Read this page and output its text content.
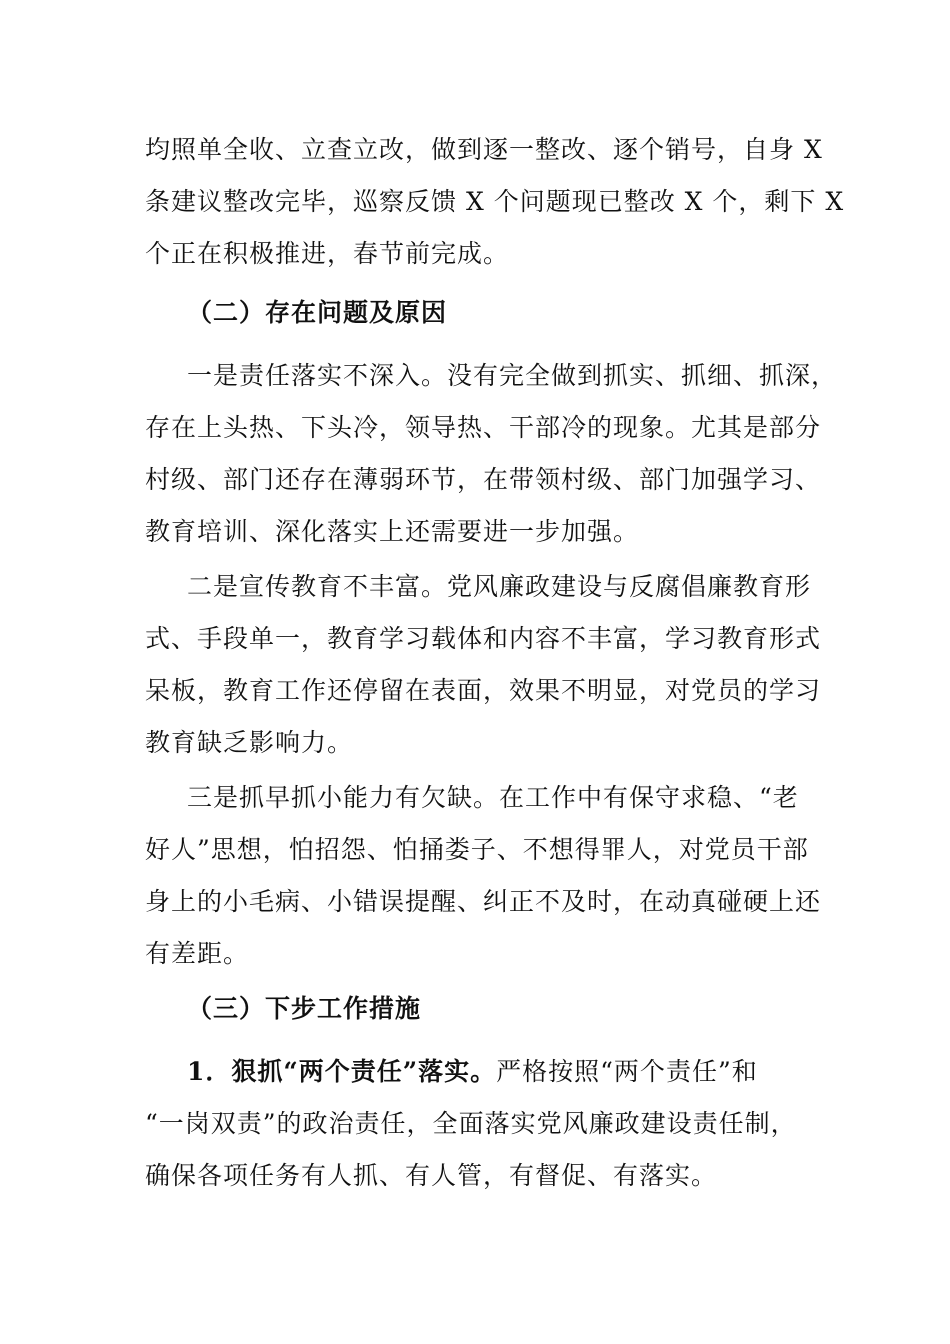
均照单全收、立查立改，做到逐一整改、逐个销号，自身 X
条建议整改完毕，巡察反馈 X 个问题现已整改 X 个，剩下 X
个正在积极推进，春节前完成。
（二）存在问题及原因
一是责任落实不深入。没有完全做到抓实、抓细、抓深，
存在上头热、下头冷，领导热、干部冷的现象。尤其是部分
村级、部门还存在薄弱环节，在带领村级、部门加强学习、
教育培训、深化落实上还需要进一步加强。
二是宣传教育不丰富。党风廉政建设与反腐倡廉教育形
式、手段单一，教育学习载体和内容不丰富，学习教育形式
呆板，教育工作还停留在表面，效果不明显，对党员的学习
教育缺乏影响力。
三是抓早抓小能力有欠缺。在工作中有保守求稳、“老
好人”思想，怕招怨、怕捅娄子、不想得罪人，对党员干部
身上的小毛病、小错误提醒、纠正不及时，在动真碰硬上还
有差距。
（三）下步工作措施
1．狠抓“两个责任”落实。严格按照“两个责任”和
“一岗双责”的政治责任，全面落实党风廉政建设责任制，
确保各项任务有人抓、有人管，有督促、有落实。
